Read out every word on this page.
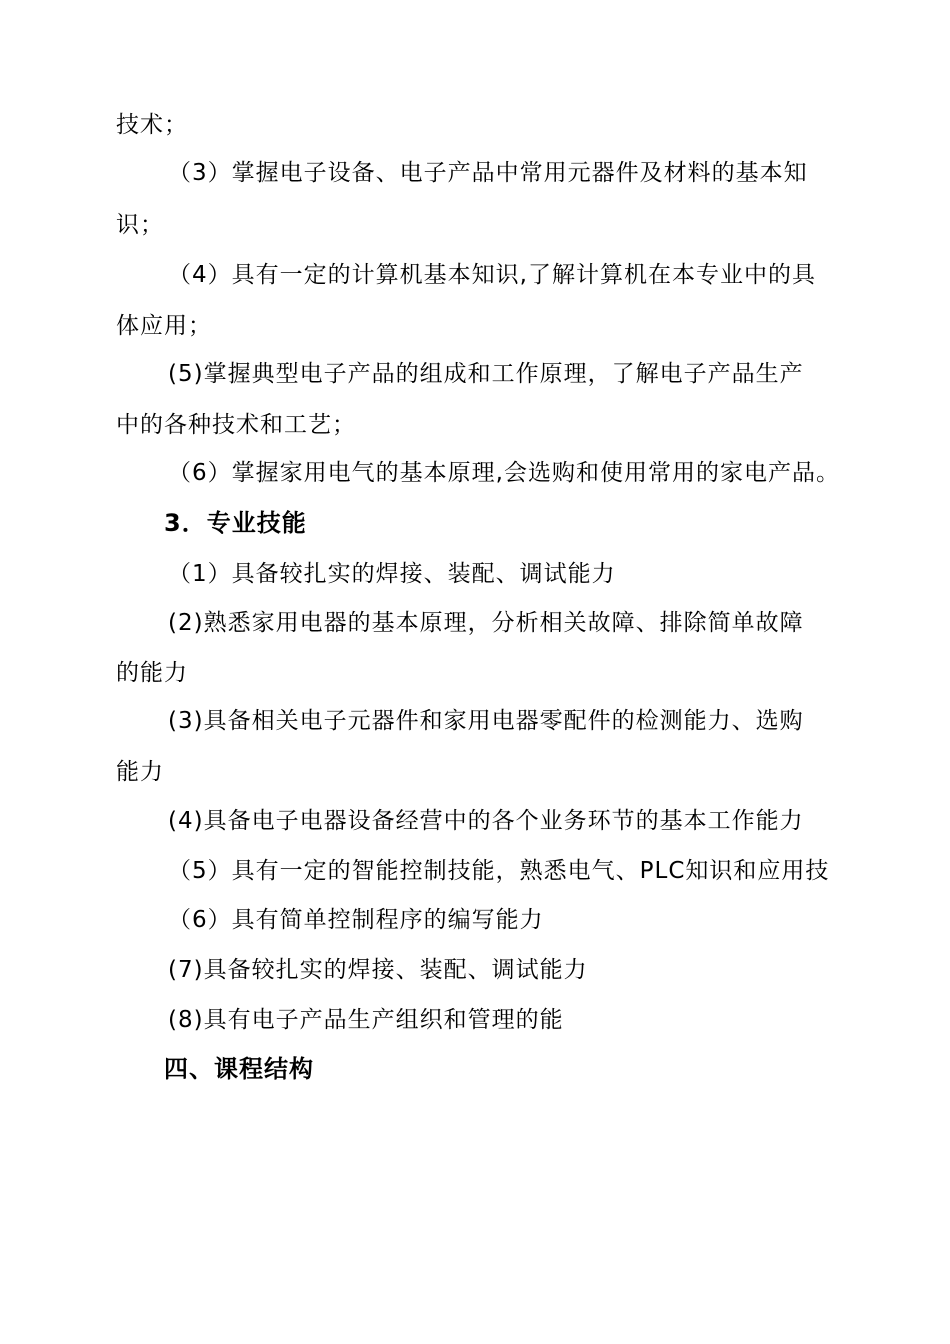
技术；
（3）掌握电子设备、电子产品中常用元器件及材料的基本知
识；
（4）具有一定的计算机基本知识,了解计算机在本专业中的具
体应用；
(5)掌握典型电子产品的组成和工作原理，了解电子产品生产
中的各种技术和工艺；
（6）掌握家用电气的基本原理,会选购和使用常用的家电产品。
3．专业技能
（1）具备较扎实的焊接、装配、调试能力
(2)熟悉家用电器的基本原理，分析相关故障、排除简单故障
的能力
(3)具备相关电子元器件和家用电器零配件的检测能力、选购
能力
(4)具备电子电器设备经营中的各个业务环节的基本工作能力
（5）具有一定的智能控制技能，熟悉电气、PLC知识和应用技
（6）具有简单控制程序的编写能力
(7)具备较扎实的焊接、装配、调试能力
(8)具有电子产品生产组织和管理的能
四、课程结构
